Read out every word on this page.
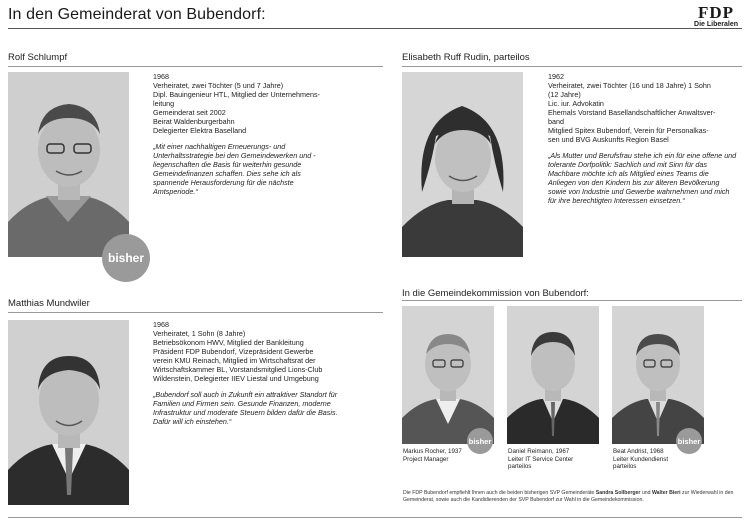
In den Gemeinderat von Bubendorf:	FDP
Die Liberalen
Rolf Schlumpf
bisher
1968
Verheiratet, zwei Töchter (5 und 7 Jahre)
Dipl. Bauingenieur HTL, Mitglied der Unternehmens-
leitung
Gemeinderat seit 2002
Beirat Waldenburgerbahn
Delegierter Elektra Baselland
„Mit einer nachhaltigen Erneuerungs- und Unterhaltsstrategie bei den Gemeindewerken und -liegenschaften die Basis für weiterhin gesunde Gemeindefinanzen schaffen. Dies sehe ich als spannende Herausforderung für die nächste Amtsperiode.“
Elisabeth Ruff Rudin, parteilos
1962
Verheiratet, zwei Töchter (16 und 18 Jahre) 1 Sohn
(12 Jahre)
Lic. iur. Advokatin
Ehemals Vorstand Basellandschaftlicher Anwaltsver-
band
Mitglied Spitex Bubendorf, Verein für Personalkas-
sen und BVG Auskunfts Region Basel
„Als Mutter und Berufsfrau stehe ich ein für eine offene und tolerante Dorfpolitik: Sachlich und mit Sinn für das Machbare möchte ich als Mitglied eines Teams die Anliegen von den Kindern bis zur älteren Bevölkerung sowie von Industrie und Gewerbe wahrnehmen und mich für ihre berechtigten Interessen einsetzen.“
Matthias Mundwiler
1968
Verheiratet, 1 Sohn (8 Jahre)
Betriebsökonom HWV, Mitglied der Bankleitung
Präsident FDP Bubendorf, Vizepräsident Gewerbe
verein KMU Reinach, Mitglied im Wirtschaftsrat der
Wirtschaftskammer BL, Vorstandsmitglied Lions-Club
Wildenstein, Delegierter IIEV Liestal und Umgebung
„Bubendorf soll auch in Zukunft ein attraktiver Standort für Familien und Firmen sein. Gesunde Finanzen, moderne Infrastruktur und moderate Steuern bilden dafür die Basis. Dafür will ich einstehen.“
In die Gemeindekommission von Bubendorf:
bisher
Markus Rocher, 1937
Project Manager
Daniel Reimann, 1967
Leiter IT Service Center
parteilos
bisher
Beat Andrist, 1968
Leiter Kundendienst
parteilos
Die FDP Bubendorf empfiehlt Ihnen auch die beiden bisherigen SVP Gemeinderäte Sandra Sollberger und Walter Bieri zur Wiederwahl in den Gemeinderat, sowie auch die Kandidierenden der SVP Bubendorf zur Wahl in die Gemeindekommission.
